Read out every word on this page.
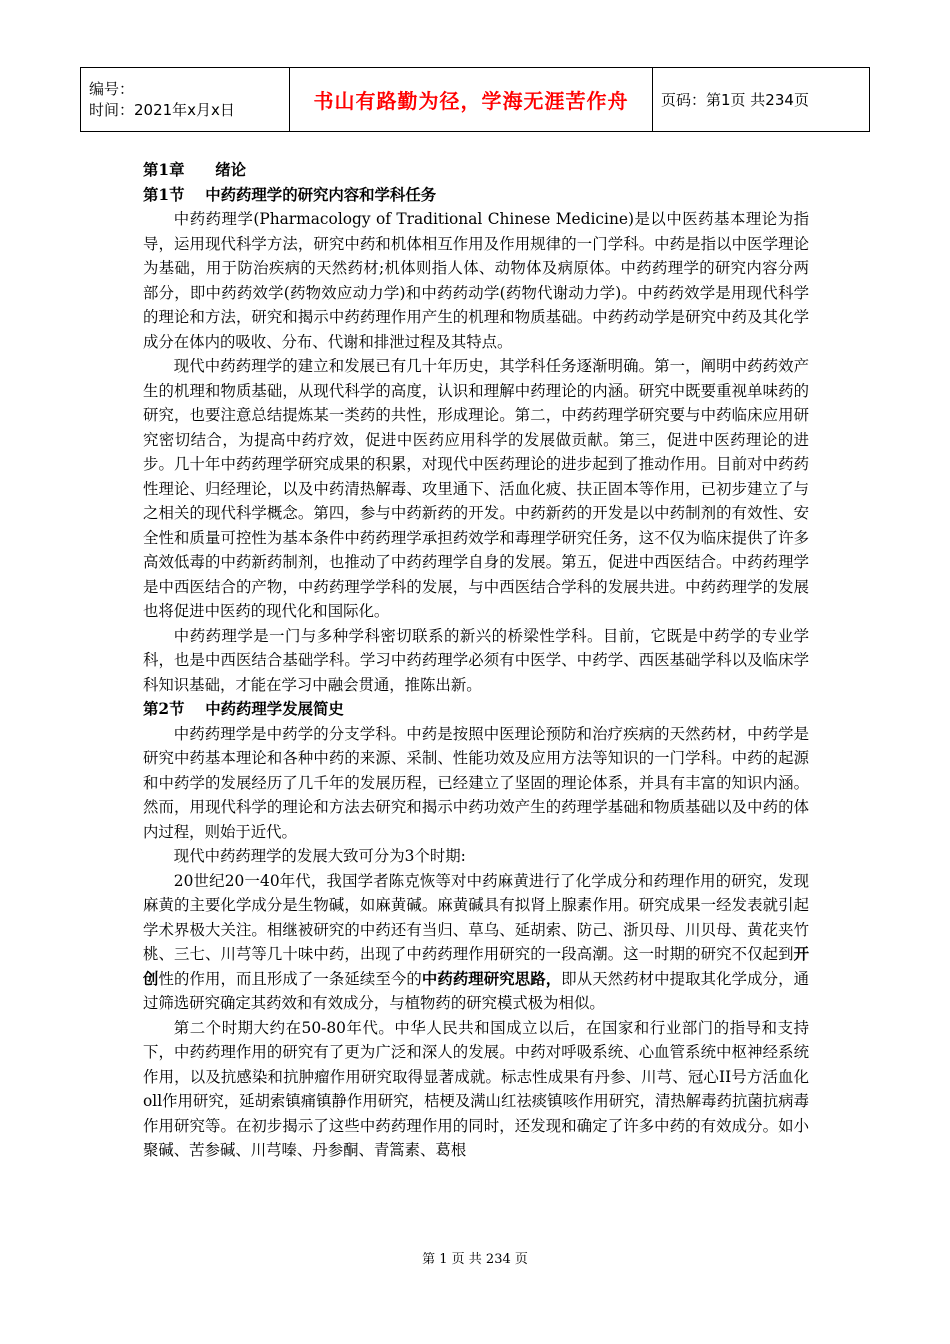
编号：
时间：2021年x月x日	书山有路勤为径，学海无涯苦作舟	页码：第1页 共234页

第1章　　绪论

第1节　 中药药理学的研究内容和学科任务

中药药理学(Pharmacology of Traditional Chinese Medicine)是以中医药基本理论为指导，运用现代科学方法，研究中药和机体相互作用及作用规律的一门学科。中药是指以中医学理论为基础，用于防治疾病的天然药材;机体则指人体、动物体及病原体。中药药理学的研究内容分两部分，即中药药效学(药物效应动力学)和中药药动学(药物代谢动力学)。中药药效学是用现代科学的理论和方法，研究和揭示中药药理作用产生的机理和物质基础。中药药动学是研究中药及其化学成分在体内的吸收、分布、代谢和排泄过程及其特点。

现代中药药理学的建立和发展已有几十年历史，其学科任务逐渐明确。第一，阐明中药药效产生的机理和物质基础，从现代科学的高度，认识和理解中药理论的内涵。研究中既要重视单味药的研究，也要注意总结提炼某一类药的共性，形成理论。第二，中药药理学研究要与中药临床应用研究密切结合，为提高中药疗效，促进中医药应用科学的发展做贡献。第三，促进中医药理论的进步。几十年中药药理学研究成果的积累，对现代中医药理论的进步起到了推动作用。目前对中药药性理论、归经理论，以及中药清热解毒、攻里通下、活血化疲、扶正固本等作用，已初步建立了与之相关的现代科学概念。第四，参与中药新药的开发。中药新药的开发是以中药制剂的有效性、安全性和质量可控性为基本条件中药药理学承担药效学和毒理学研究任务，这不仅为临床提供了许多高效低毒的中药新药制剂，也推动了中药药理学自身的发展。第五，促进中西医结合。中药药理学是中西医结合的产物，中药药理学学科的发展，与中西医结合学科的发展共进。中药药理学的发展也将促进中医药的现代化和国际化。

中药药理学是一门与多种学科密切联系的新兴的桥梁性学科。目前，它既是中药学的专业学科，也是中西医结合基础学科。学习中药药理学必须有中医学、中药学、西医基础学科以及临床学科知识基础，才能在学习中融会贯通，推陈出新。

第2节　 中药药理学发展简史

中药药理学是中药学的分支学科。中药是按照中医理论预防和治疗疾病的天然药材，中药学是研究中药基本理论和各种中药的来源、采制、性能功效及应用方法等知识的一门学科。中药的起源和中药学的发展经历了几千年的发展历程，已经建立了坚固的理论体系，并具有丰富的知识内涵。然而，用现代科学的理论和方法去研究和揭示中药功效产生的药理学基础和物质基础以及中药的体内过程，则始于近代。

现代中药药理学的发展大致可分为3个时期:

20世纪20一40年代，我国学者陈克恢等对中药麻黄进行了化学成分和药理作用的研究，发现麻黄的主要化学成分是生物碱，如麻黄碱。麻黄碱具有拟肾上腺素作用。研究成果一经发表就引起学术界极大关注。相继被研究的中药还有当归、草乌、延胡索、防己、浙贝母、川贝母、黄花夹竹桃、三七、川芎等几十味中药，出现了中药药理作用研究的一段高潮。这一时期的研究不仅起到开创性的作用，而且形成了一条延续至今的中药药理研究思路，即从天然药材中提取其化学成分，通过筛选研究确定其药效和有效成分，与植物药的研究模式极为相似。

第二个时期大约在50-80年代。中华人民共和国成立以后，在国家和行业部门的指导和支持下，中药药理作用的研究有了更为广泛和深人的发展。中药对呼吸系统、心血管系统中枢神经系统作用，以及抗感染和抗肿瘤作用研究取得显著成就。标志性成果有丹参、川芎、冠心II号方活血化oll作用研究，延胡索镇痛镇静作用研究，桔梗及满山红祛痰镇咳作用研究，清热解毒药抗菌抗病毒作用研究等。在初步揭示了这些中药药理作用的同时，还发现和确定了许多中药的有效成分。如小聚碱、苦参碱、川芎嗪、丹参酮、青篙素、葛根

第 1 页 共 234 页
